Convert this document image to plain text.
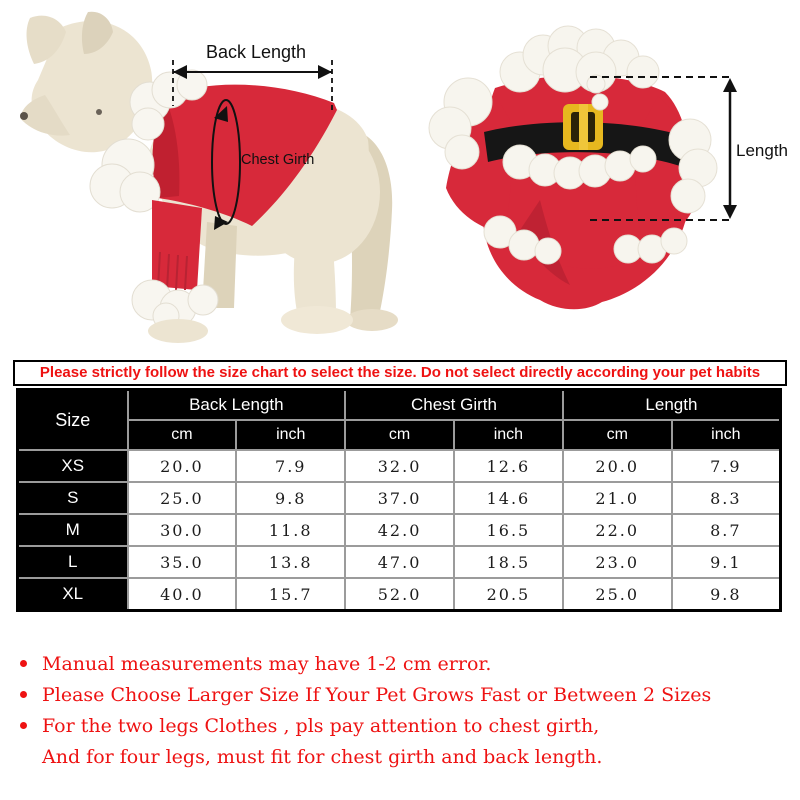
Back Length
Chest Girth	Length
Please strictly follow the size chart to select the size. Do not select directly according your pet habits
Size	Back Length		Chest Girth		Length	
	cm	inch	cm	inch	cm	inch
XS	20.0	7.9	32.0	12.6	20.0	7.9
S	25.0	9.8	37.0	14.6	21.0	8.3
M	30.0	11.8	42.0	16.5	22.0	8.7
L	35.0	13.8	47.0	18.5	23.0	9.1
XL	40.0	15.7	52.0	20.5	25.0	9.8
Manual measurements may have 1-2 cm error.
Please Choose Larger Size If Your Pet Grows Fast or Between 2 Sizes
For the two legs Clothes , pls pay attention to chest girth,
And for four legs, must fit for chest girth and back length.
